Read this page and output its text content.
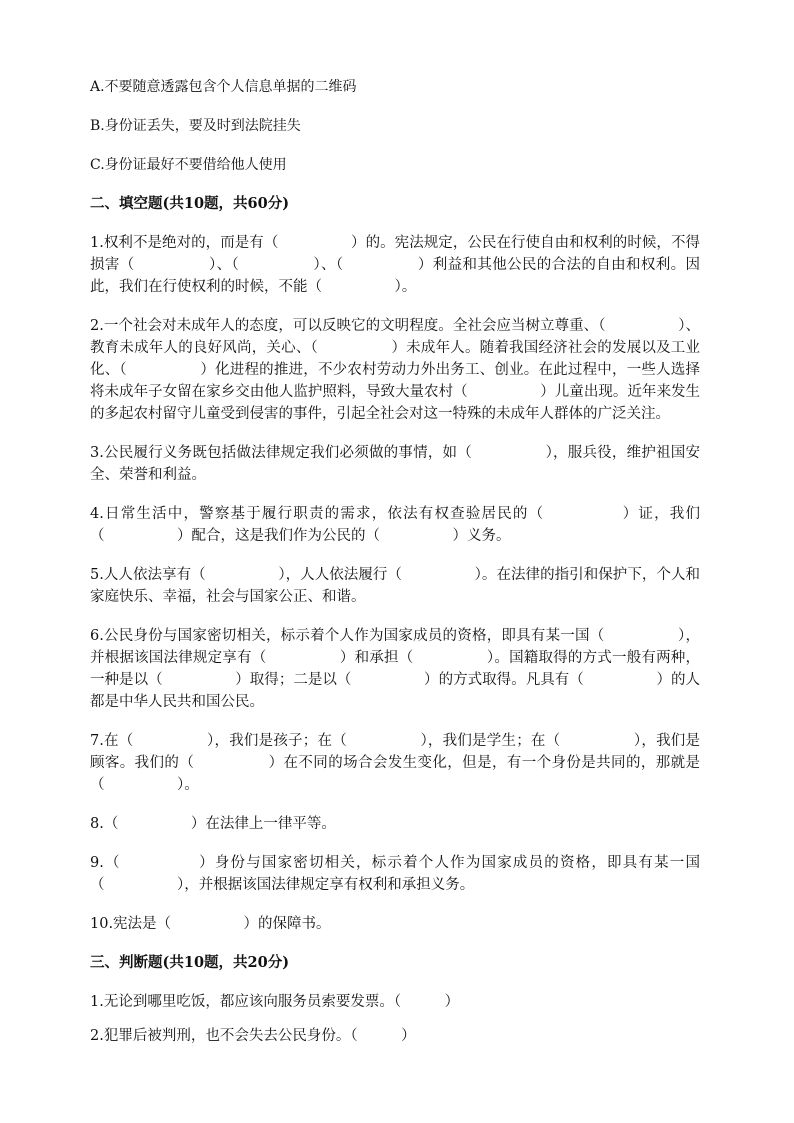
A.不要随意透露包含个人信息单据的二维码
B.身份证丢失，要及时到法院挂失
C.身份证最好不要借给他人使用
二、填空题(共10题，共60分)
1.权利不是绝对的，而是有（　　　　　）的。宪法规定，公民在行使自由和权利的时候，不得损害（　　　　　）、（　　　　　）、（　　　　　）利益和其他公民的合法的自由和权利。因此，我们在行使权利的时候，不能（　　　　　）。
2.一个社会对未成年人的态度，可以反映它的文明程度。全社会应当树立尊重、（　　　　　）、教育未成年人的良好风尚，关心、（　　　　　）未成年人。随着我国经济社会的发展以及工业化、（　　　　　）化进程的推进，不少农村劳动力外出务工、创业。在此过程中，一些人选择将未成年子女留在家乡交由他人监护照料，导致大量农村（　　　　　）儿童出现。近年来发生的多起农村留守儿童受到侵害的事件，引起全社会对这一特殊的未成年人群体的广泛关注。
3.公民履行义务既包括做法律规定我们必须做的事情，如（　　　　　），服兵役，维护祖国安全、荣誉和利益。
4.日常生活中，警察基于履行职责的需求，依法有权查验居民的（　　　　　）证，我们（　　　　　）配合，这是我们作为公民的（　　　　　）义务。
5.人人依法享有（　　　　　），人人依法履行（　　　　　）。在法律的指引和保护下，个人和家庭快乐、幸福，社会与国家公正、和谐。
6.公民身份与国家密切相关，标示着个人作为国家成员的资格，即具有某一国（　　　　　），并根据该国法律规定享有（　　　　　）和承担（　　　　　）。国籍取得的方式一般有两种，一种是以（　　　　　）取得；二是以（　　　　　）的方式取得。凡具有（　　　　　）的人都是中华人民共和国公民。
7.在（　　　　　），我们是孩子；在（　　　　　），我们是学生；在（　　　　　），我们是顾客。我们的（　　　　　）在不同的场合会发生变化，但是，有一个身份是共同的，那就是（　　　　　）。
8.（　　　　　）在法律上一律平等。
9.（　　　　　）身份与国家密切相关，标示着个人作为国家成员的资格，即具有某一国（　　　　　），并根据该国法律规定享有权利和承担义务。
10.宪法是（　　　　　）的保障书。
三、判断题(共10题，共20分)
1.无论到哪里吃饭，都应该向服务员索要发票。（　　　）
2.犯罪后被判刑，也不会失去公民身份。（　　　）
